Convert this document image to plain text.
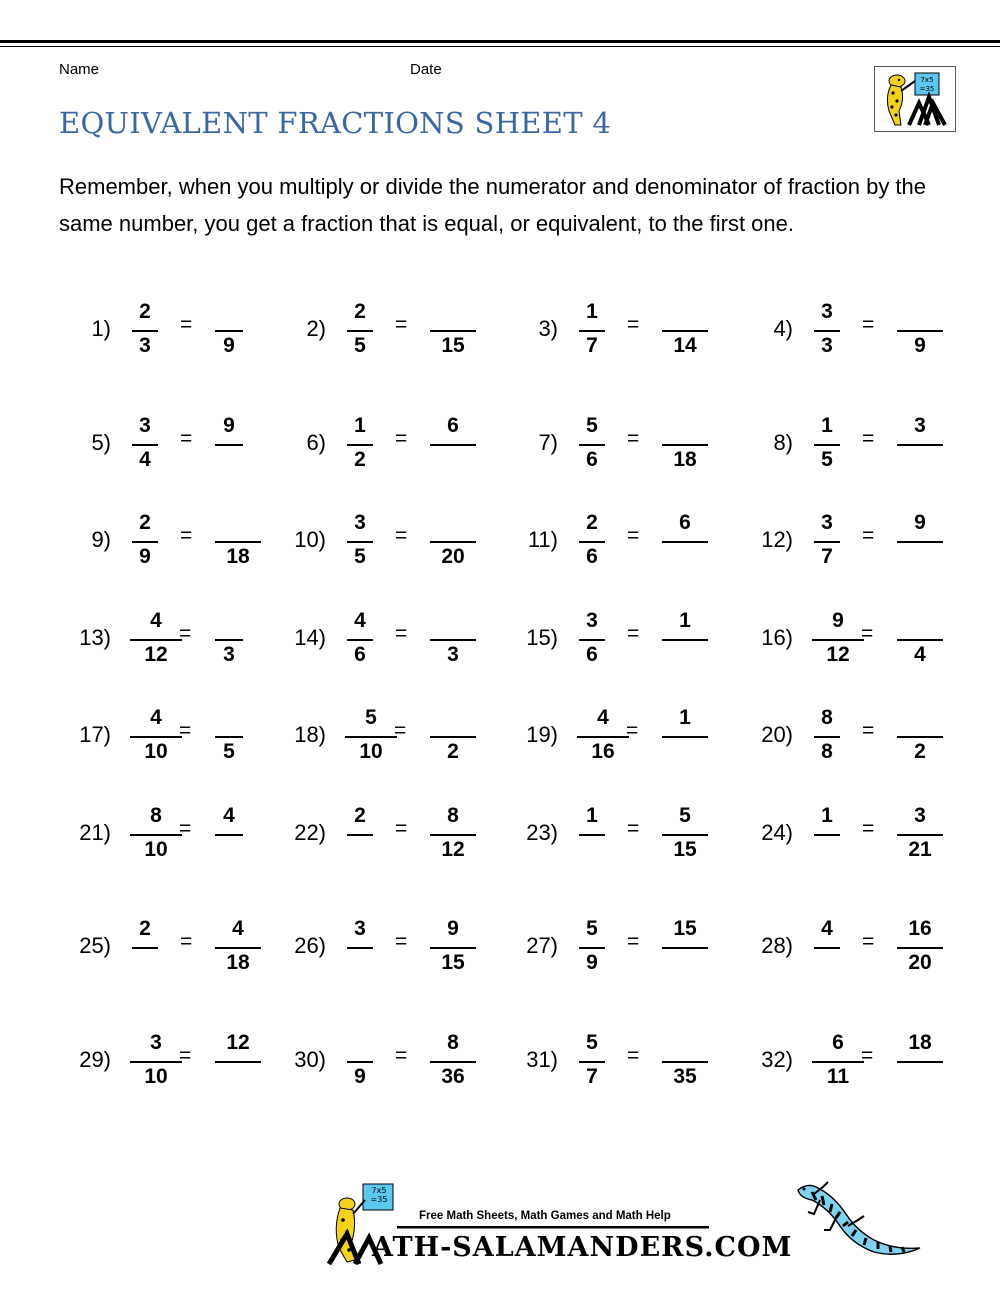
Name	Date
EQUIVALENT FRACTIONS SHEET 4
7x5
=35
Remember, when you multiply or divide the numerator and denominator of fraction by the same number, you get a fraction that is equal, or equivalent, to the first one.
1)
2
3
=
9
2)
2
5
=
15
3)
1
7
=
14
4)
3
3
=
9
5)
3
4
=
9
6)
1
2
=
6
7)
5
6
=
18
8)
1
5
=
3
9)
2
9
=
18
10)
3
5
=
20
11)
2
6
=
6
12)
3
7
=
9
13)
4
12
=
3
14)
4
6
=
3
15)
3
6
=
1
16)
9
12
=
4
17)
4
10
=
5
18)
5
10
=
2
19)
4
16
=
1
20)
8
8
=
2
21)
8
10
=
4
22)
2
=
8
12
23)
1
=
5
15
24)
1
=
3
21
25)
2
=
4
18
26)
3
=
9
15
27)
5
9
=
15
28)
4
=
16
20
29)
3
10
=
12
30)
9
=
8
36
31)
5
7
=
35
32)
6
11
=
18
7x5 =35
Free Math Sheets, Math Games and Math Help
ATH-SALAMANDERS.COM
